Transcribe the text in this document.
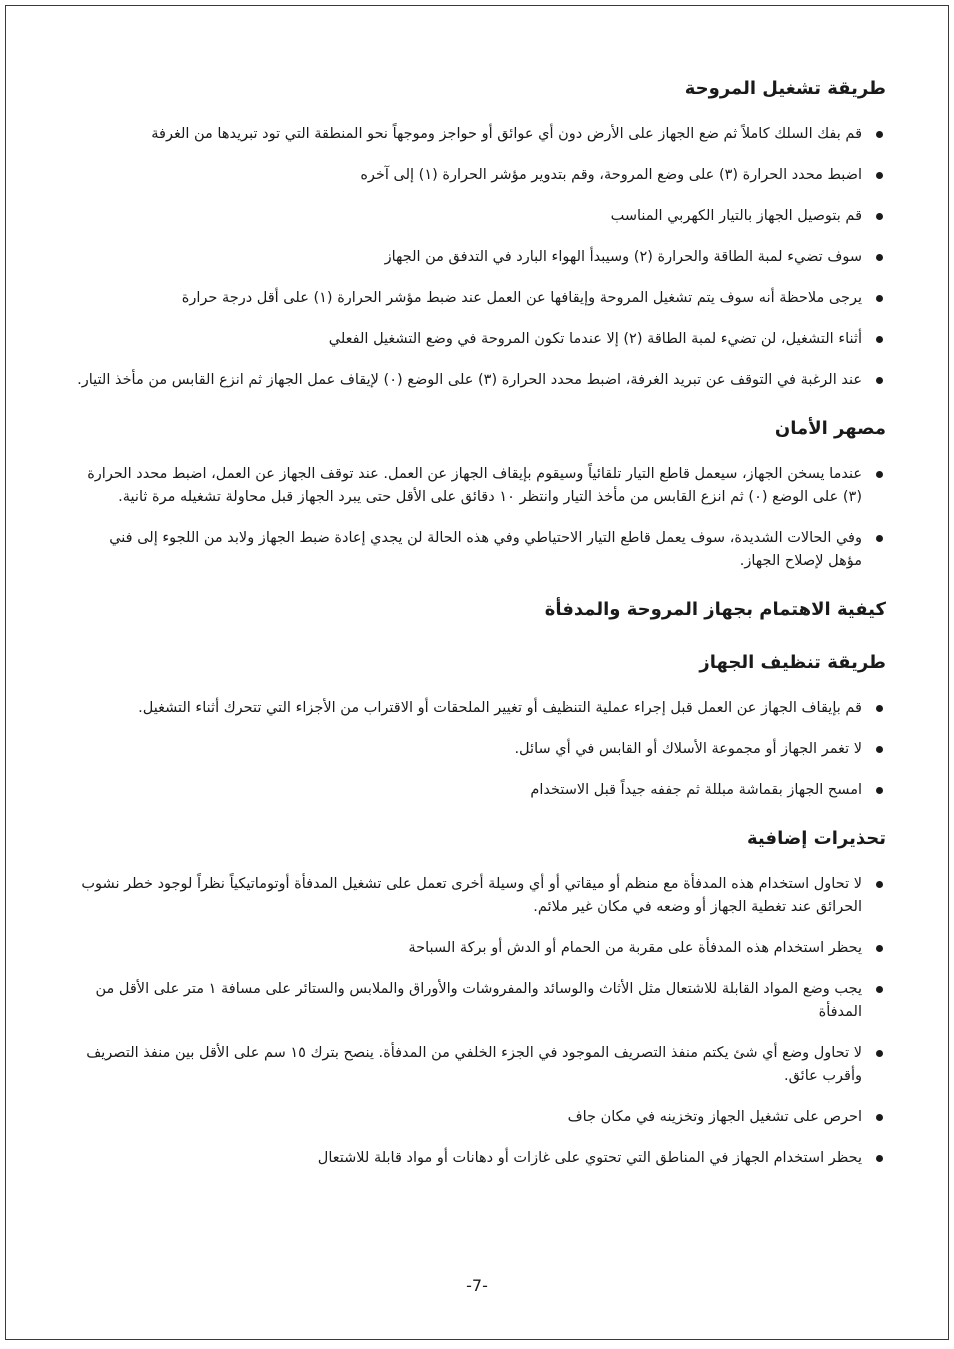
طريقة تشغيل المروحة
قم بفك السلك كاملاً ثم ضع الجهاز على الأرض دون أي عوائق أو حواجز وموجهاً نحو المنطقة التي تود تبريدها من الغرفة
اضبط محدد الحرارة (٣) على وضع المروحة، وقم بتدوير مؤشر الحرارة (١) إلى آخره
قم بتوصيل الجهاز بالتيار الكهربي المناسب
سوف تضيء لمبة الطاقة والحرارة (٢) وسيبدأ الهواء البارد في التدفق من الجهاز
يرجى ملاحظة أنه سوف يتم تشغيل المروحة وإيقافها عن العمل عند ضبط مؤشر الحرارة (١) على أقل درجة حرارة
أثناء التشغيل، لن تضيء لمبة الطاقة (٢) إلا عندما تكون المروحة في وضع التشغيل الفعلي
عند الرغبة في التوقف عن تبريد الغرفة، اضبط محدد الحرارة (٣) على الوضع (٠) لإيقاف عمل الجهاز ثم انزع القابس من مأخذ التيار.
مصهر الأمان
عندما يسخن الجهاز، سيعمل قاطع التيار تلقائياً وسيقوم بإيقاف الجهاز عن العمل. عند توقف الجهاز عن العمل، اضبط محدد الحرارة (٣) على الوضع (٠) ثم انزع القابس من مأخذ التيار وانتظر ١٠ دقائق على الأقل حتى يبرد الجهاز قبل محاولة تشغيله مرة ثانية.
وفي الحالات الشديدة، سوف يعمل قاطع التيار الاحتياطي وفي هذه الحالة لن يجدي إعادة ضبط الجهاز ولابد من اللجوء إلى فني مؤهل لإصلاح الجهاز.
كيفية الاهتمام بجهاز المروحة والمدفأة
طريقة تنظيف الجهاز
قم بإيقاف الجهاز عن العمل قبل إجراء عملية التنظيف أو تغيير الملحقات أو الاقتراب من الأجزاء التي تتحرك أثناء التشغيل.
لا تغمر الجهاز أو مجموعة الأسلاك أو القابس في أي سائل.
امسح الجهاز بقماشة مبللة ثم جففه جيداً قبل الاستخدام
تحذيرات إضافية
لا تحاول استخدام هذه المدفأة مع منظم أو ميقاتي أو أي وسيلة أخرى تعمل على تشغيل المدفأة أوتوماتيكياً نظراً لوجود خطر نشوب الحرائق عند تغطية الجهاز أو وضعه في مكان غير ملائم.
يحظر استخدام هذه المدفأة على مقربة من الحمام أو الدش أو بركة السباحة
يجب وضع المواد القابلة للاشتعال مثل الأثاث والوسائد والمفروشات والأوراق والملابس والستائر على مسافة ١ متر على الأقل من المدفأة
لا تحاول وضع أي شئ يكتم منفذ التصريف الموجود في الجزء الخلفي من المدفأة. ينصح بترك ١٥ سم على الأقل بين منفذ التصريف وأقرب عائق.
احرص على تشغيل الجهاز وتخزينه في مكان جاف
يحظر استخدام الجهاز في المناطق التي تحتوي على غازات أو دهانات أو مواد قابلة للاشتعال
-7-
